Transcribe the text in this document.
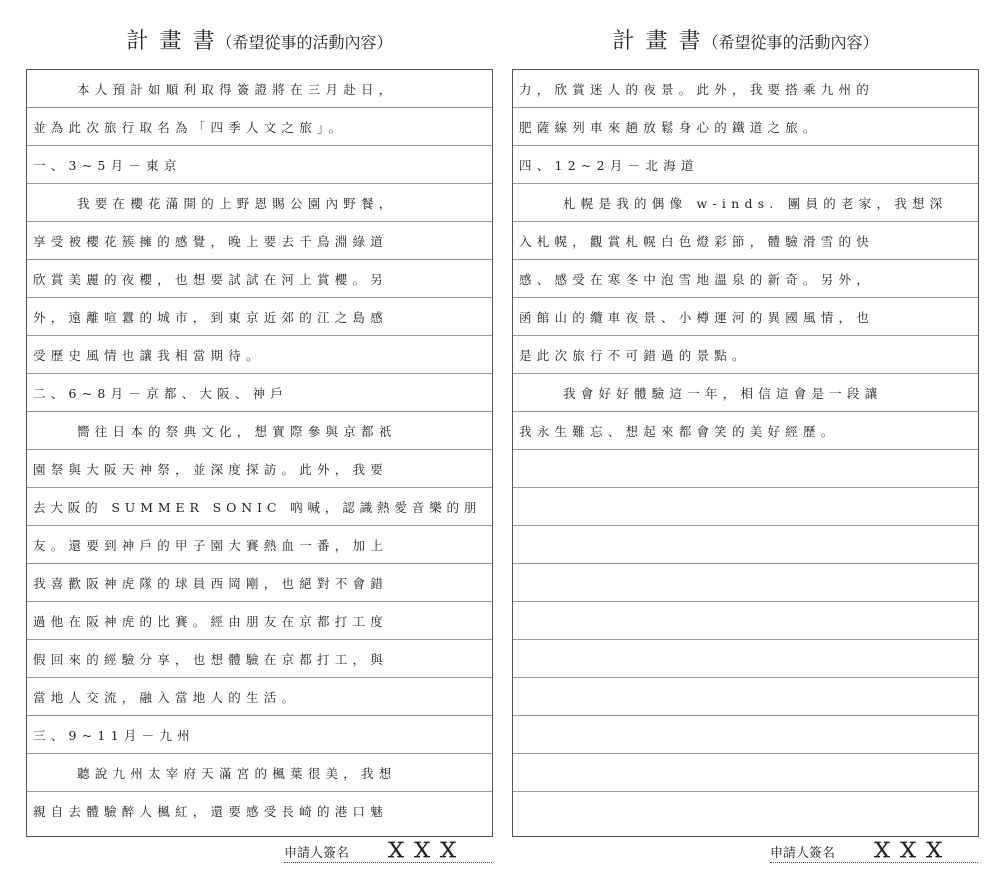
計 畫 書（希望從事的活動內容）
本人預計如順利取得簽證將在三月赴日，
並為此次旅行取名為「四季人文之旅」。
一、3~5月－東京
我要在櫻花滿開的上野恩賜公園內野餐，
享受被櫻花簇擁的感覺，晚上要去千鳥淵綠道
欣賞美麗的夜櫻，也想要試試在河上賞櫻。另
外，遠離喧囂的城市，到東京近郊的江之島感
受歷史風情也讓我相當期待。
二、6~8月－京都、大阪、神戶
嚮往日本的祭典文化，想實際參與京都祇
園祭與大阪天神祭，並深度探訪。此外，我要
去大阪的 SUMMER SONIC 吶喊，認識熱愛音樂的朋
友。還要到神戶的甲子園大賽熱血一番，加上
我喜歡阪神虎隊的球員西岡剛，也絕對不會錯
過他在阪神虎的比賽。經由朋友在京都打工度
假回來的經驗分享，也想體驗在京都打工，與
當地人交流，融入當地人的生活。
三、9~11月－九州
聽說九州太宰府天滿宮的楓葉很美，我想
親自去體驗醉人楓紅，還要感受長崎的港口魅
申請人簽名 ＸＸＸ
計 畫 書（希望從事的活動內容）
力，欣賞迷人的夜景。此外，我要搭乘九州的
肥薩線列車來趟放鬆身心的鐵道之旅。
四、12~2月－北海道
札幌是我的偶像 w-inds. 團員的老家，我想深
入札幌，觀賞札幌白色燈彩節，體驗滑雪的快
感、感受在寒冬中泡雪地溫泉的新奇。另外，
函館山的纜車夜景、小樽運河的異國風情，也
是此次旅行不可錯過的景點。
我會好好體驗這一年，相信這會是一段讓
我永生難忘、想起來都會笑的美好經歷。
申請人簽名 ＸＸＸ
